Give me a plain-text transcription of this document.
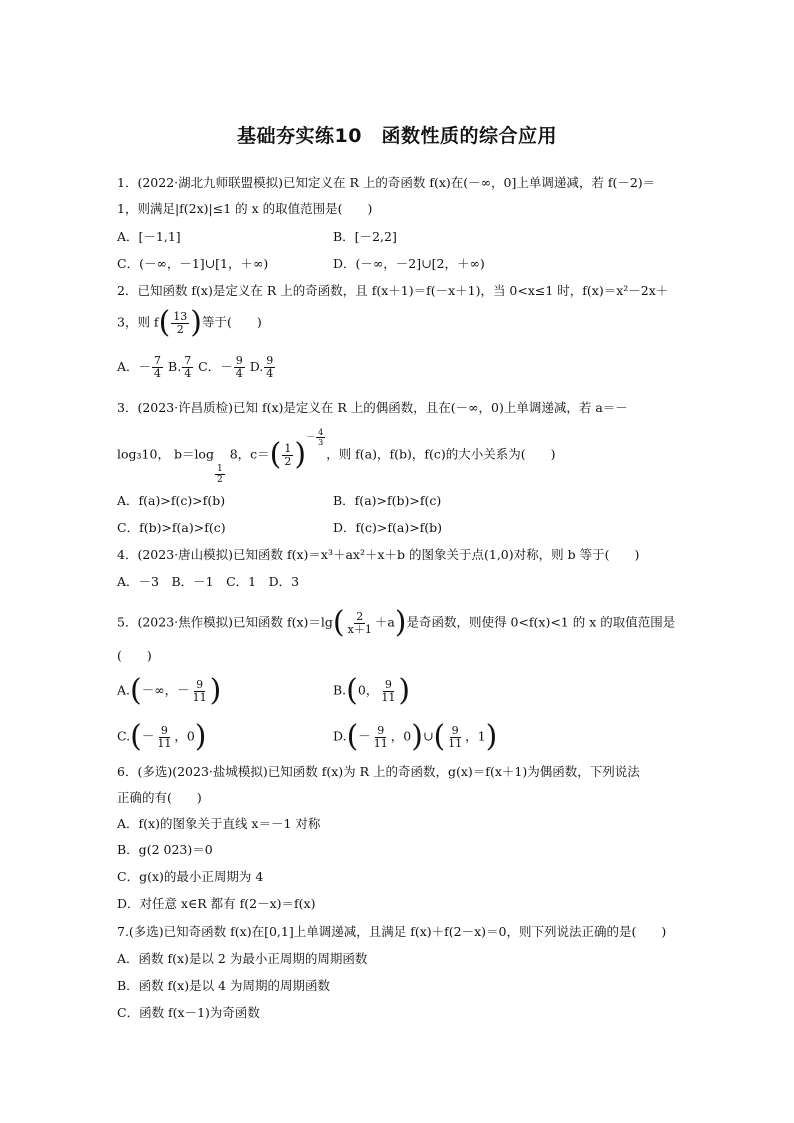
基础夯实练10　函数性质的综合应用
1．(2022·湖北九师联盟模拟)已知定义在 R 上的奇函数 f(x)在(－∞，0]上单调递减，若 f(－2)＝
1，则满足|f(2x)|≤1 的 x 的取值范围是(　　)
A．[－1,1]	B．[－2,2]
C．(－∞，－1]∪[1，＋∞)	D．(－∞，－2]∪[2，＋∞)
2．已知函数 f(x)是定义在 R 上的奇函数，且 f(x＋1)＝f(－x＋1)，当 0<x≤1 时，f(x)＝x²－2x＋
3，则 $f( \frac{13}{2}$ )等于(　　)
A．－ $\frac{7}{4} B$. $\frac{7}{4}$ C．－ $\frac{9}{4} D$. $\frac{9}{4}$
3．(2023·许昌质检)已知 f(x)是定义在 R 上的偶函数，且在(－∞，0)上单调递减，若 a＝－
log₃10， b＝log
$\frac{1}{2}$
8，$c=( \frac{1}{2}$ )－ $\frac{4}{3}$
，则 f(a)，f(b)，f(c)的大小关系为(　　)
A．f(a)>f(c)>f(b)	B．f(a)>f(b)>f(c)
C．f(b)>f(a)>f(c)	D．f(c)>f(a)>f(b)
4．(2023·唐山模拟)已知函数 f(x)＝x³＋ax²＋x＋b 的图象关于点(1,0)对称，则 b 等于(　　)
A．－3　B．－1　C．1　D．3
5．(2023·焦作模拟)已知函数 $f(x)=\lg( \frac{2}{x+1} +a)$是奇函数，则使得 0<f(x)<1 的 x 的取值范围是
(　　)
A.(－∞，－ $\frac{9}{11}$ )	B.(0， $\frac{9}{11}$ )
$C.(- \frac{9}{11}$ ，0)	$D.(- \frac{9}{11}$ ，0)∪( $\frac{9}{11}$ ，1)
6．(多选)(2023·盐城模拟)已知函数 f(x)为 R 上的奇函数，g(x)＝f(x＋1)为偶函数，下列说法
正确的有(　　)
A．f(x)的图象关于直线 x＝－1 对称
B．g(2 023)＝0
C．g(x)的最小正周期为 4
D．对任意 x∈R 都有 f(2－x)＝f(x)
7.(多选)已知奇函数 f(x)在[0,1]上单调递减，且满足 f(x)＋f(2－x)＝0，则下列说法正确的是(　　)
A．函数 f(x)是以 2 为最小正周期的周期函数
B．函数 f(x)是以 4 为周期的周期函数
C．函数 f(x－1)为奇函数
